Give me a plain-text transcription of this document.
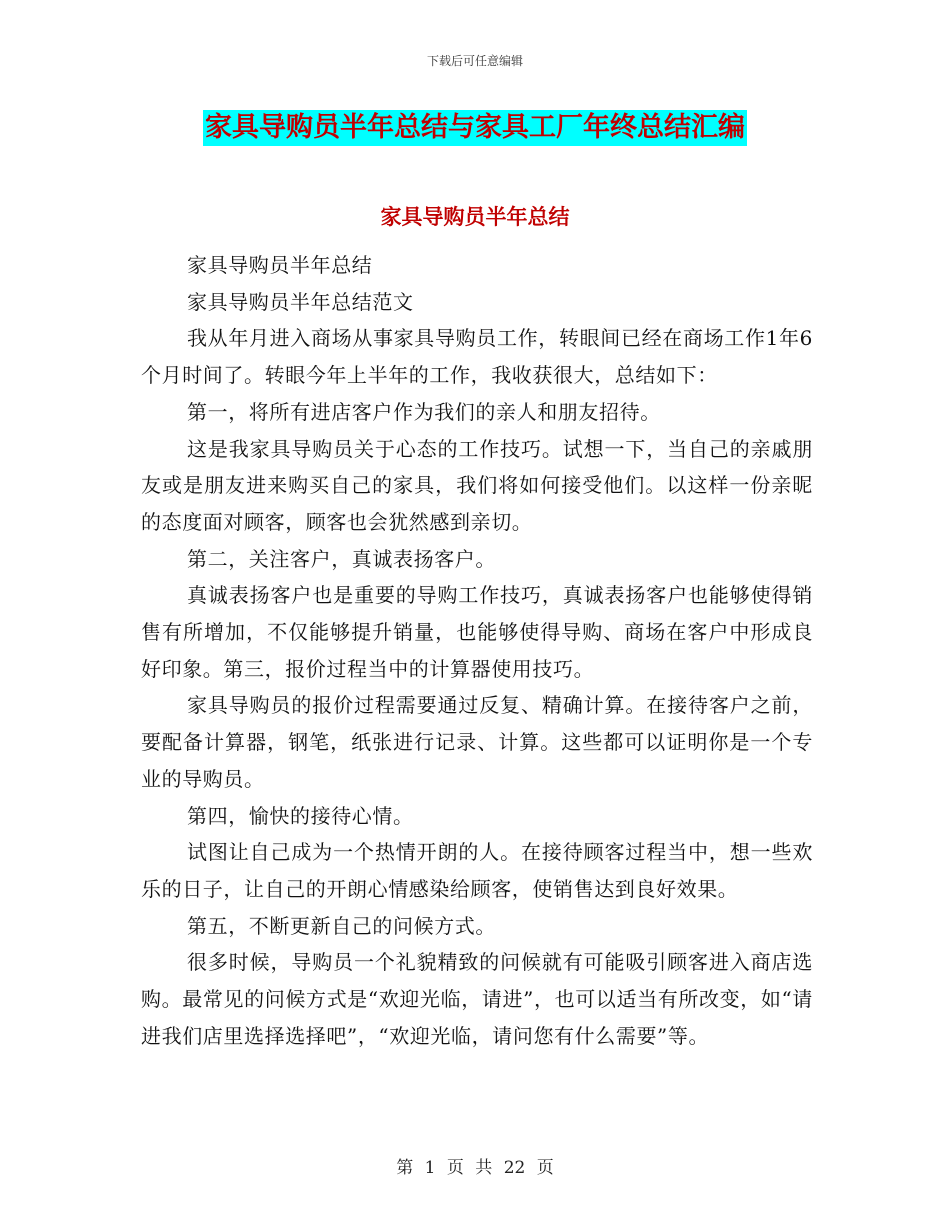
下载后可任意编辑
家具导购员半年总结与家具工厂年终总结汇编
家具导购员半年总结

家具导购员半年总结

家具导购员半年总结范文

我从年月进入商场从事家具导购员工作，转眼间已经在商场工作1年6个月时间了。转眼今年上半年的工作，我收获很大，总结如下：

第一，将所有进店客户作为我们的亲人和朋友招待。

这是我家具导购员关于心态的工作技巧。试想一下，当自己的亲戚朋友或是朋友进来购买自己的家具，我们将如何接受他们。以这样一份亲昵的态度面对顾客，顾客也会犹然感到亲切。

第二，关注客户，真诚表扬客户。

真诚表扬客户也是重要的导购工作技巧，真诚表扬客户也能够使得销售有所增加，不仅能够提升销量，也能够使得导购、商场在客户中形成良好印象。第三，报价过程当中的计算器使用技巧。

家具导购员的报价过程需要通过反复、精确计算。在接待客户之前，要配备计算器，钢笔，纸张进行记录、计算。这些都可以证明你是一个专业的导购员。

第四，愉快的接待心情。

试图让自己成为一个热情开朗的人。在接待顾客过程当中，想一些欢乐的日子，让自己的开朗心情感染给顾客，使销售达到良好效果。

第五，不断更新自己的问候方式。

很多时候，导购员一个礼貌精致的问候就有可能吸引顾客进入商店选购。最常见的问候方式是“欢迎光临，请进”，也可以适当有所改变，如“请进我们店里选择选择吧”，“欢迎光临，请问您有什么需要”等。

第 1 页 共 22 页
